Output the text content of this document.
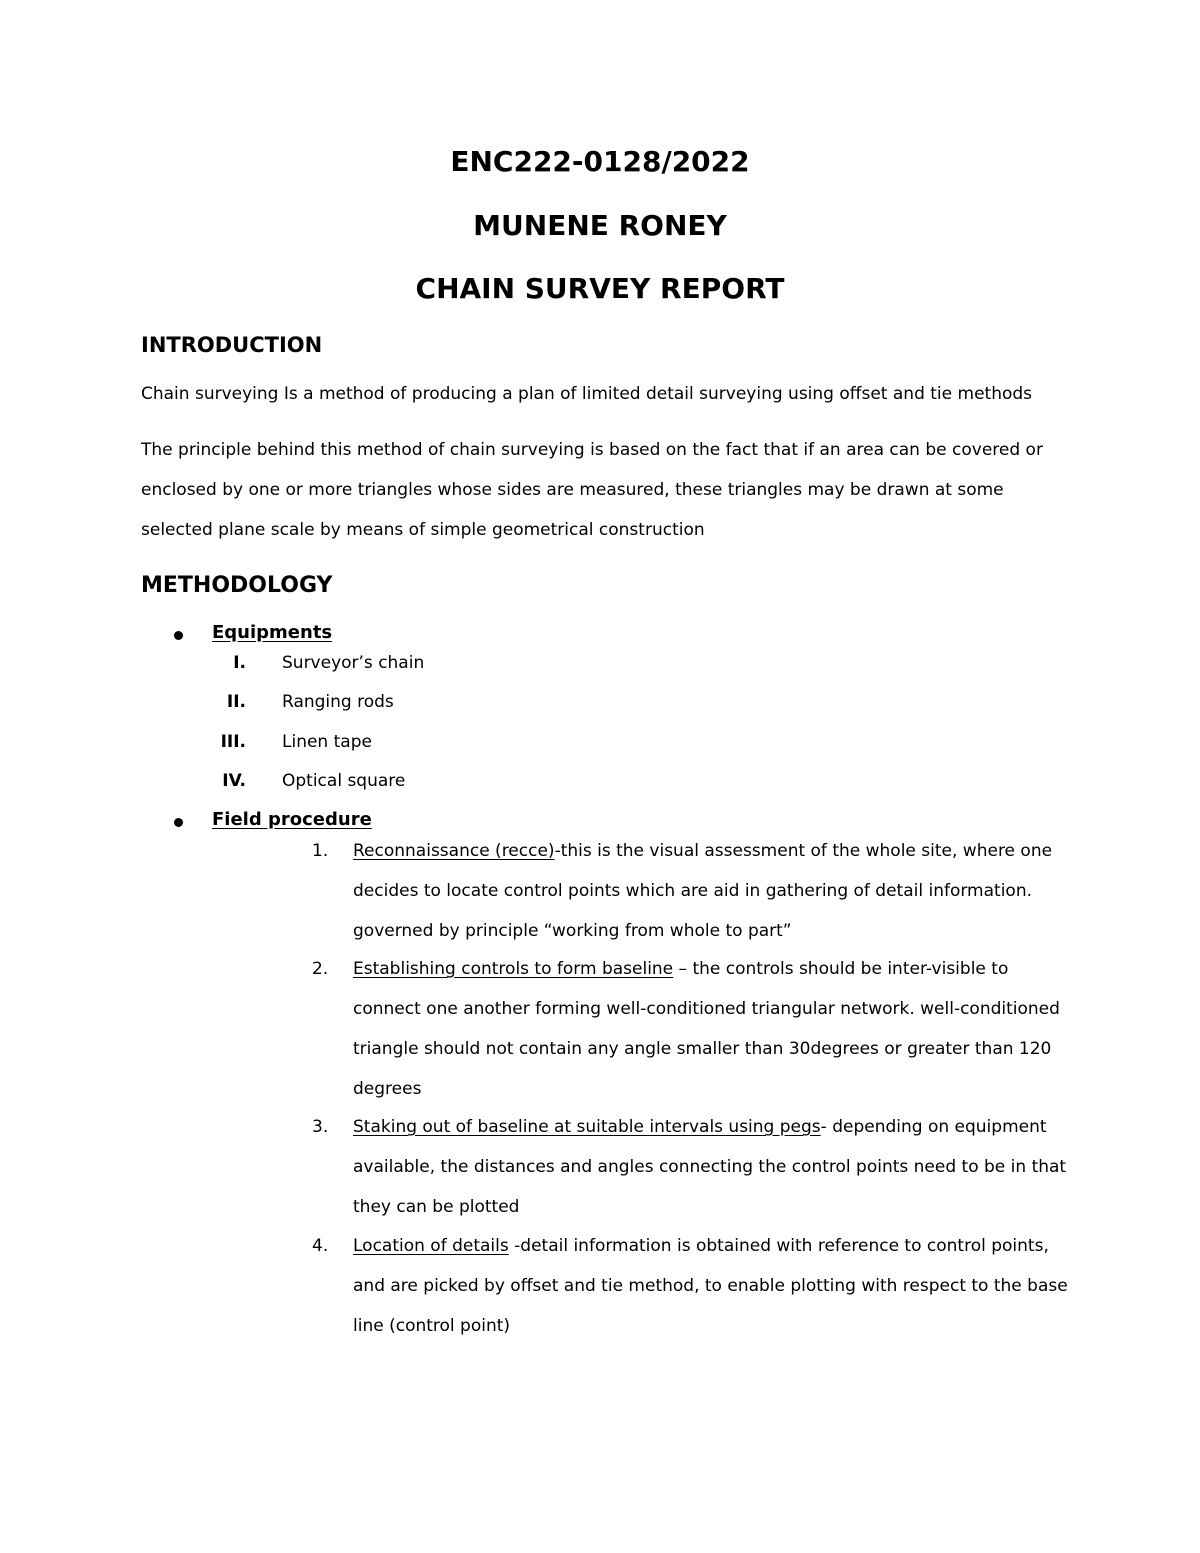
ENC222-0128/2022
MUNENE RONEY
CHAIN SURVEY REPORT
INTRODUCTION

Chain surveying Is a method of producing a plan of limited detail surveying using offset and tie methods

The principle behind this method of chain surveying is based on the fact that if an area can be covered or enclosed by one or more triangles whose sides are measured, these triangles may be drawn at some selected plane scale by means of simple geometrical construction

METHODOLOGY
Equipments
I. Surveyor’s chain
II. Ranging rods
III. Linen tape
IV. Optical square
Field procedure
1. Reconnaissance (recce)-this is the visual assessment of the whole site, where one decides to locate control points which are aid in gathering of detail information. governed by principle “working from whole to part”

2. Establishing controls to form baseline – the controls should be inter-visible to connect one another forming well-conditioned triangular network. well-conditioned triangle should not contain any angle smaller than 30degrees or greater than 120 degrees

3. Staking out of baseline at suitable intervals using pegs- depending on equipment available, the distances and angles connecting the control points need to be in that they can be plotted

4. Location of details -detail information is obtained with reference to control points, and are picked by offset and tie method, to enable plotting with respect to the base line (control point)
